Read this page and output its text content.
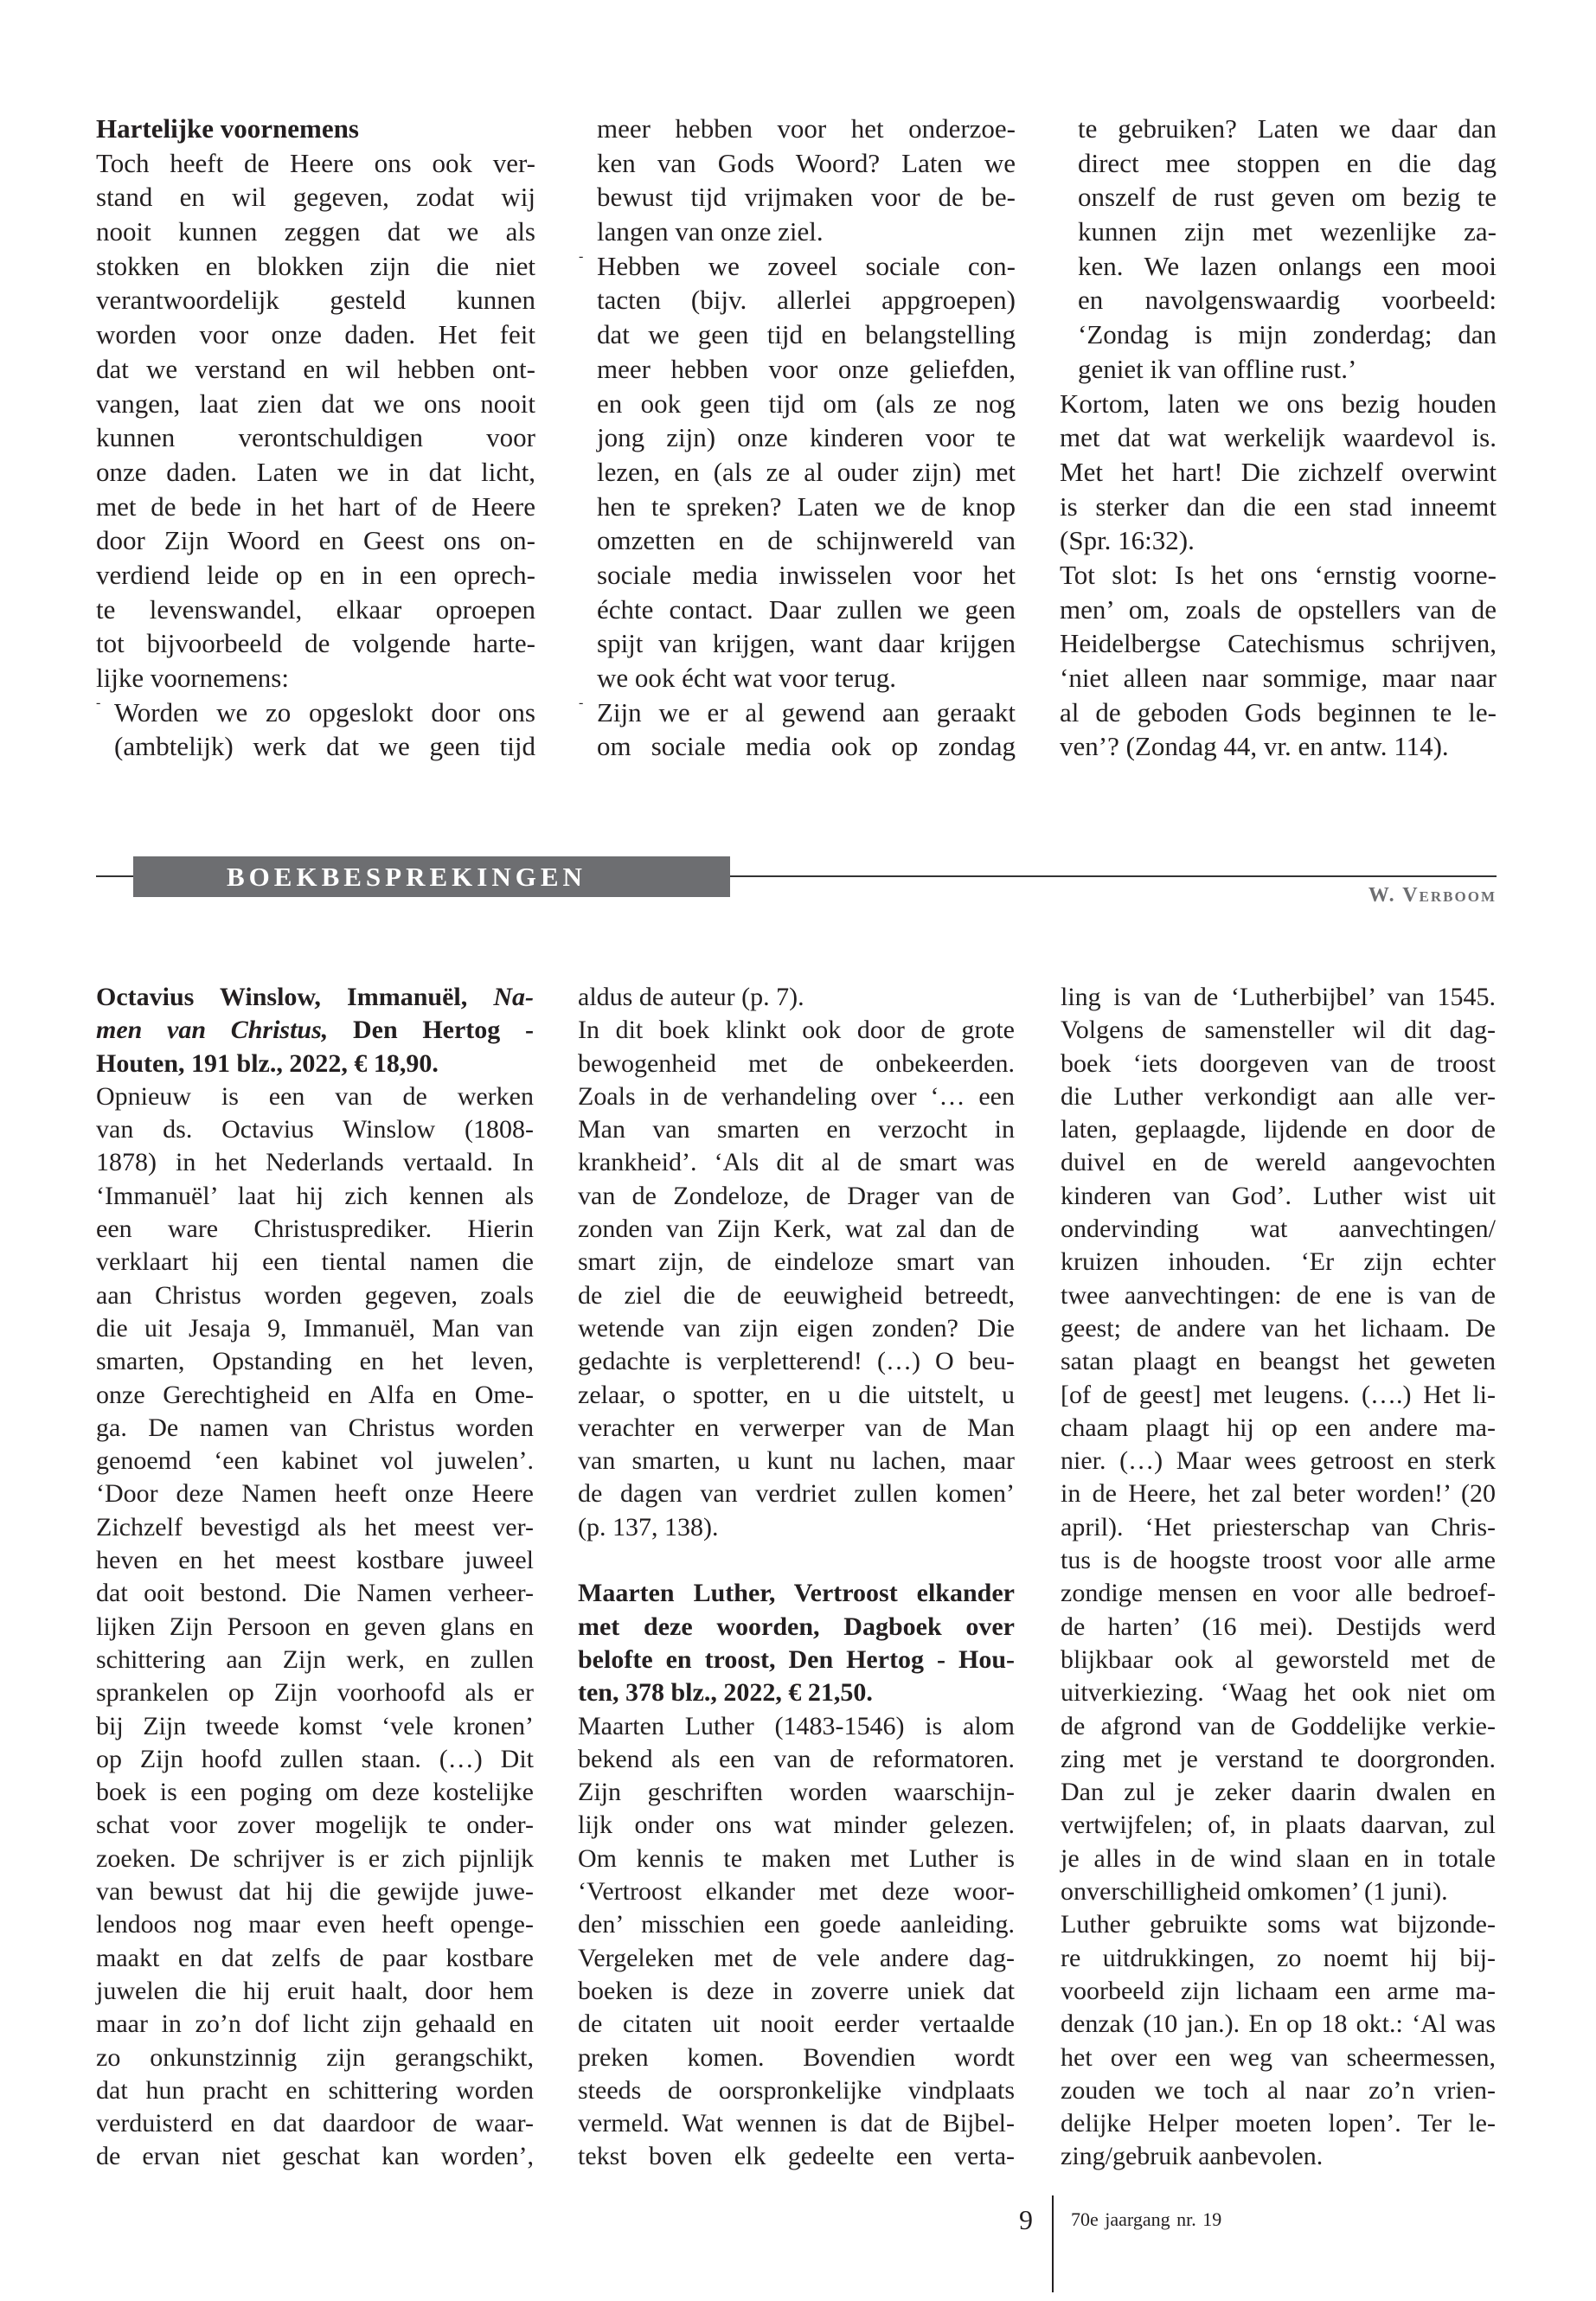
Hartelijke voornemens
Toch heeft de Heere ons ook ver-
stand en wil gegeven, zodat wij
nooit kunnen zeggen dat we als
stokken en blokken zijn die niet
verantwoordelijk gesteld kunnen
worden voor onze daden. Het feit
dat we verstand en wil hebben ont-
vangen, laat zien dat we ons nooit
kunnen verontschuldigen voor
onze daden. Laten we in dat licht,
met de bede in het hart of de Heere
door Zijn Woord en Geest ons on-
verdiend leide op en in een oprech-
te levenswandel, elkaar oproepen
tot bijvoorbeeld de volgende harte-
lijke voornemens:
- Worden we zo opgeslokt door ons
(ambtelijk) werk dat we geen tijd
meer hebben voor het onderzoe-
ken van Gods Woord? Laten we
bewust tijd vrijmaken voor de be-
langen van onze ziel.
- Hebben we zoveel sociale con-
tacten (bijv. allerlei appgroepen)
dat we geen tijd en belangstelling
meer hebben voor onze geliefden,
en ook geen tijd om (als ze nog
jong zijn) onze kinderen voor te
lezen, en (als ze al ouder zijn) met
hen te spreken? Laten we de knop
omzetten en de schijnwereld van
sociale media inwisselen voor het
échte contact. Daar zullen we geen
spijt van krijgen, want daar krijgen
we ook écht wat voor terug.
- Zijn we er al gewend aan geraakt
om sociale media ook op zondag
te gebruiken? Laten we daar dan
direct mee stoppen en die dag
onszelf de rust geven om bezig te
kunnen zijn met wezenlijke za-
ken. We lazen onlangs een mooi
en navolgenswaardig voorbeeld:
‘Zondag is mijn zonderdag; dan
geniet ik van offline rust.’
Kortom, laten we ons bezig houden
met dat wat werkelijk waardevol is.
Met het hart! Die zichzelf overwint
is sterker dan die een stad inneemt
(Spr. 16:32).
Tot slot: Is het ons ‘ernstig voorne-
men’ om, zoals de opstellers van de
Heidelbergse Catechismus schrijven,
‘niet alleen naar sommige, maar naar
al de geboden Gods beginnen te le-
ven’? (Zondag 44, vr. en antw. 114).
BOEKBESPREKINGEN
W. Verboom
Octavius Winslow, Immanuël, Na-
men van Christus, Den Hertog -
Houten, 191 blz., 2022, € 18,90.
Opnieuw is een van de werken
van ds. Octavius Winslow (1808-
1878) in het Nederlands vertaald. In
‘Immanuël’ laat hij zich kennen als
een ware Christusprediker. Hierin
verklaart hij een tiental namen die
aan Christus worden gegeven, zoals
die uit Jesaja 9, Immanuël, Man van
smarten, Opstanding en het leven,
onze Gerechtigheid en Alfa en Ome-
ga. De namen van Christus worden
genoemd ‘een kabinet vol juwelen’.
‘Door deze Namen heeft onze Heere
Zichzelf bevestigd als het meest ver-
heven en het meest kostbare juweel
dat ooit bestond. Die Namen verheer-
lijken Zijn Persoon en geven glans en
schittering aan Zijn werk, en zullen
sprankelen op Zijn voorhoofd als er
bij Zijn tweede komst ‘vele kronen’
op Zijn hoofd zullen staan. (…) Dit
boek is een poging om deze kostelijke
schat voor zover mogelijk te onder-
zoeken. De schrijver is er zich pijnlijk
van bewust dat hij die gewijde juwe-
lendoos nog maar even heeft openge-
maakt en dat zelfs de paar kostbare
juwelen die hij eruit haalt, door hem
maar in zo’n dof licht zijn gehaald en
zo onkunstzinnig zijn gerangschikt,
dat hun pracht en schittering worden
verduisterd en dat daardoor de waar-
de ervan niet geschat kan worden’,
aldus de auteur (p. 7).
In dit boek klinkt ook door de grote
bewogenheid met de onbekeerden.
Zoals in de verhandeling over ‘… een
Man van smarten en verzocht in
krankheid’. ‘Als dit al de smart was
van de Zondeloze, de Drager van de
zonden van Zijn Kerk, wat zal dan de
smart zijn, de eindeloze smart van
de ziel die de eeuwigheid betreedt,
wetende van zijn eigen zonden? Die
gedachte is verpletterend! (…) O beu-
zelaar, o spotter, en u die uitstelt, u
verachter en verwerper van de Man
van smarten, u kunt nu lachen, maar
de dagen van verdriet zullen komen’
(p. 137, 138).
Maarten Luther, Vertroost elkander
met deze woorden, Dagboek over
belofte en troost, Den Hertog - Hou-
ten, 378 blz., 2022, € 21,50.
Maarten Luther (1483-1546) is alom
bekend als een van de reformatoren.
Zijn geschriften worden waarschijn-
lijk onder ons wat minder gelezen.
Om kennis te maken met Luther is
‘Vertroost elkander met deze woor-
den’ misschien een goede aanleiding.
Vergeleken met de vele andere dag-
boeken is deze in zoverre uniek dat
de citaten uit nooit eerder vertaalde
preken komen. Bovendien wordt
steeds de oorspronkelijke vindplaats
vermeld. Wat wennen is dat de Bijbel-
tekst boven elk gedeelte een verta-
ling is van de ‘Lutherbijbel’ van 1545.
Volgens de samensteller wil dit dag-
boek ‘iets doorgeven van de troost
die Luther verkondigt aan alle ver-
laten, geplaagde, lijdende en door de
duivel en de wereld aangevochten
kinderen van God’. Luther wist uit
ondervinding wat aanvechtingen/
kruizen inhouden. ‘Er zijn echter
twee aanvechtingen: de ene is van de
geest; de andere van het lichaam. De
satan plaagt en beangst het geweten
[of de geest] met leugens. (….) Het li-
chaam plaagt hij op een andere ma-
nier. (…) Maar wees getroost en sterk
in de Heere, het zal beter worden!’ (20
april). ‘Het priesterschap van Chris-
tus is de hoogste troost voor alle arme
zondige mensen en voor alle bedroef-
de harten’ (16 mei). Destijds werd
blijkbaar ook al geworsteld met de
uitverkiezing. ‘Waag het ook niet om
de afgrond van de Goddelijke verkie-
zing met je verstand te doorgronden.
Dan zul je zeker daarin dwalen en
vertwijfelen; of, in plaats daarvan, zul
je alles in de wind slaan en in totale
onverschilligheid omkomen’ (1 juni).
Luther gebruikte soms wat bijzonde-
re uitdrukkingen, zo noemt hij bij-
voorbeeld zijn lichaam een arme ma-
denzak (10 jan.). En op 18 okt.: ‘Al was
het over een weg van scheermessen,
zouden we toch al naar zo’n vrien-
delijke Helper moeten lopen’. Ter le-
zing/gebruik aanbevolen.
9 70e jaargang nr. 19
